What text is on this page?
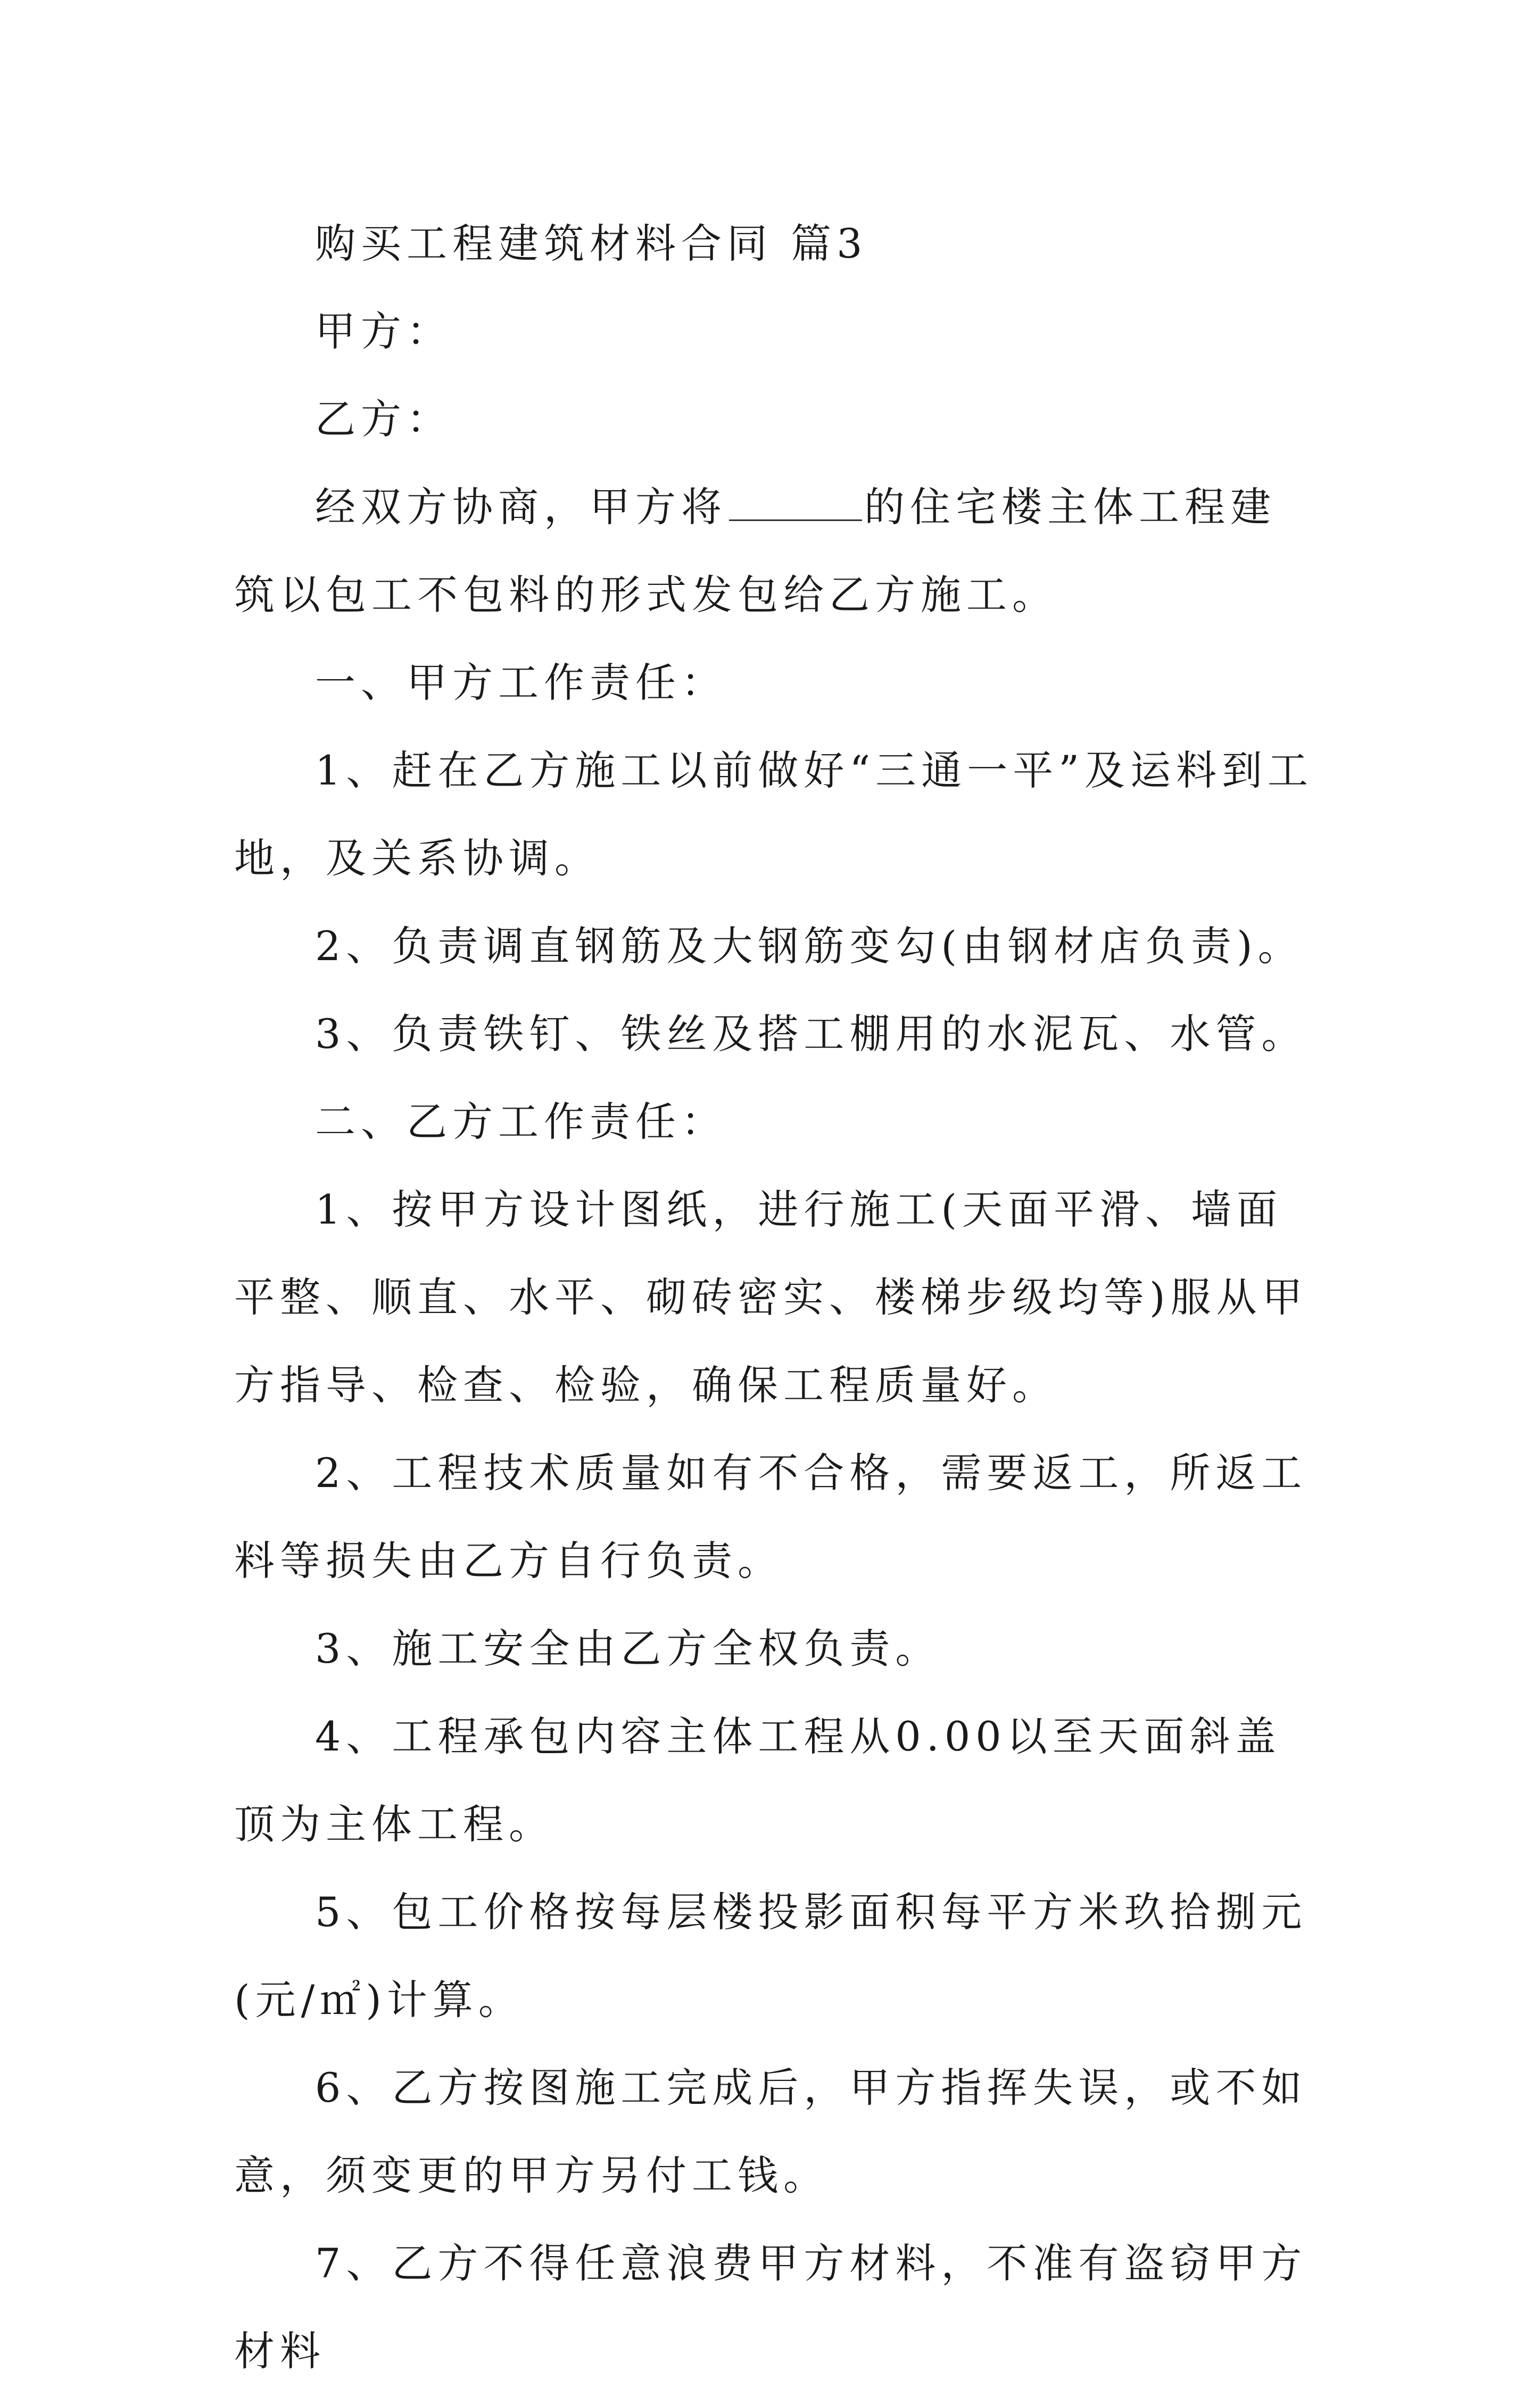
购买工程建筑材料合同 篇3

甲方：

乙方：

经双方协商，甲方将	的住宅楼主体工程建筑以包工不包料的形式发包给乙方施工。

一、甲方工作责任：

1、赶在乙方施工以前做好“三通一平”及运料到工地，及关系协调。

2、负责调直钢筋及大钢筋变勾(由钢材店负责)。

3、负责铁钉、铁丝及搭工棚用的水泥瓦、水管。

二、乙方工作责任：

1、按甲方设计图纸，进行施工(天面平滑、墙面平整、顺直、水平、砌砖密实、楼梯步级均等)服从甲方指导、检查、检验，确保工程质量好。

2、工程技术质量如有不合格，需要返工，所返工料等损失由乙方自行负责。

3、施工安全由乙方全权负责。

4、工程承包内容主体工程从0.00以至天面斜盖顶为主体工程。

5、包工价格按每层楼投影面积每平方米玖拾捌元(元/㎡)计算。

6、乙方按图施工完成后，甲方指挥失误，或不如意，须变更的甲方另付工钱。

7、乙方不得任意浪费甲方材料，不准有盗窃甲方材料
